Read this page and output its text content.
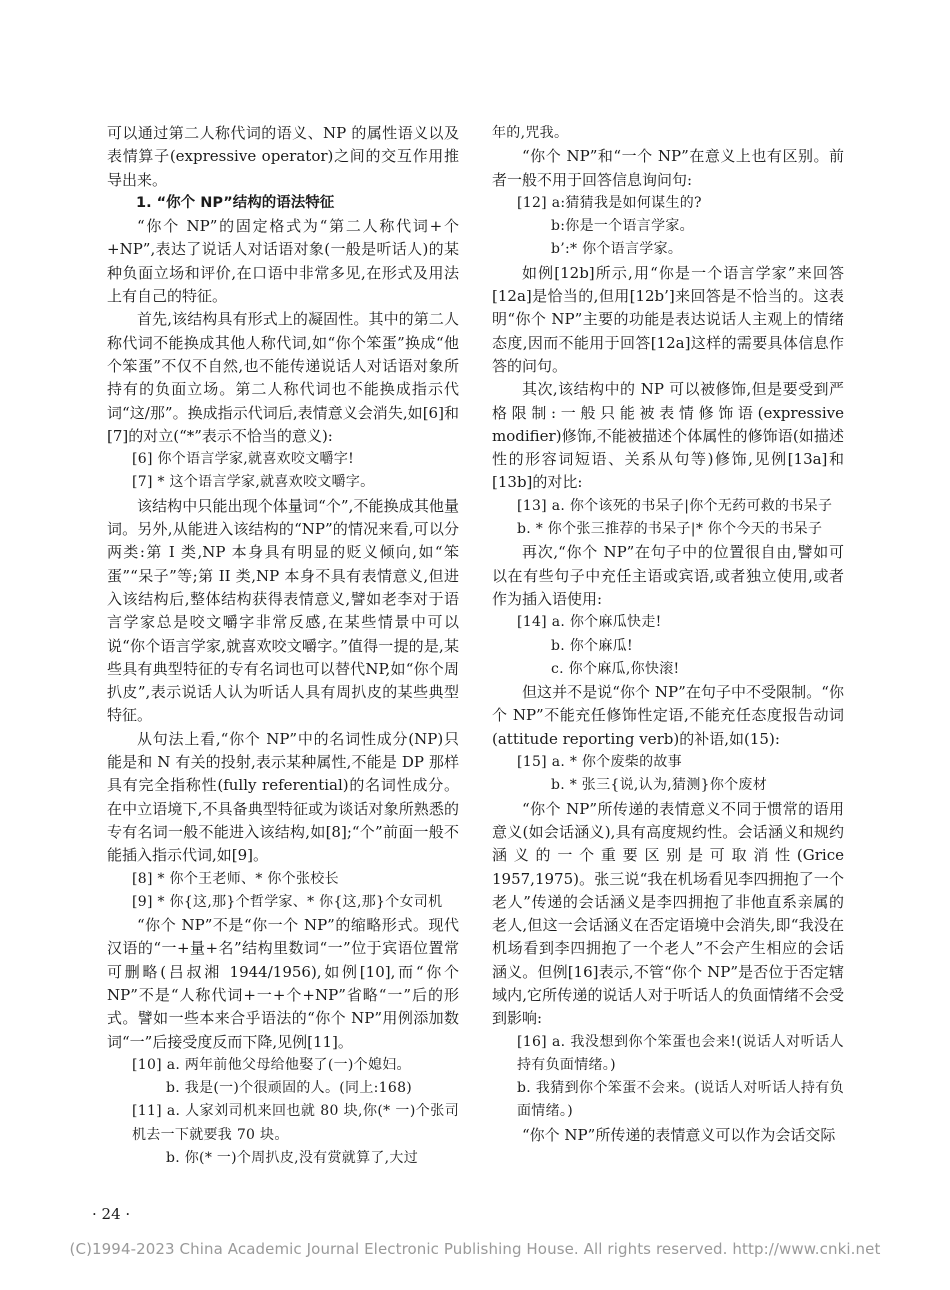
可以通过第二人称代词的语义、NP 的属性语义以及表情算子(expressive operator)之间的交互作用推导出来。

1. “你个 NP”结构的语法特征

“你个 NP”的固定格式为“第二人称代词+个+NP”,表达了说话人对话语对象(一般是听话人)的某种负面立场和评价,在口语中非常多见,在形式及用法上有自己的特征。

首先,该结构具有形式上的凝固性。其中的第二人称代词不能换成其他人称代词,如“你个笨蛋”换成“他个笨蛋”不仅不自然,也不能传递说话人对话语对象所持有的负面立场。第二人称代词也不能换成指示代词“这/那”。换成指示代词后,表情意义会消失,如[6]和[7]的对立(“*”表示不恰当的意义):

[6] 你个语言学家,就喜欢咬文嚼字!

[7] * 这个语言学家,就喜欢咬文嚼字。

该结构中只能出现个体量词“个”,不能换成其他量词。另外,从能进入该结构的“NP”的情况来看,可以分两类:第 I 类,NP 本身具有明显的贬义倾向,如“笨蛋”“呆子”等;第 II 类,NP 本身不具有表情意义,但进入该结构后,整体结构获得表情意义,譬如老李对于语言学家总是咬文嚼字非常反感,在某些情景中可以说“你个语言学家,就喜欢咬文嚼字。”值得一提的是,某些具有典型特征的专有名词也可以替代NP,如“你个周扒皮”,表示说话人认为听话人具有周扒皮的某些典型特征。

从句法上看,“你个 NP”中的名词性成分(NP)只能是和 N 有关的投射,表示某种属性,不能是 DP 那样具有完全指称性(fully referential)的名词性成分。在中立语境下,不具备典型特征或为谈话对象所熟悉的专有名词一般不能进入该结构,如[8];“个”前面一般不能插入指示代词,如[9]。

[8] * 你个王老师、* 你个张校长

[9] * 你{这,那}个哲学家、* 你{这,那}个女司机

“你个 NP”不是“你一个 NP”的缩略形式。现代汉语的“一+量+名”结构里数词“一”位于宾语位置常可删略(吕叔湘 1944/1956),如例[10],而“你个 NP”不是“人称代词+一+个+NP”省略“一”后的形式。譬如一些本来合乎语法的“你个 NP”用例添加数词“一”后接受度反而下降,见例[11]。

[10] a. 两年前他父母给他娶了(一)个媳妇。

b. 我是(一)个很顽固的人。(同上:168)

[11] a. 人家刘司机来回也就 80 块,你(* 一)个张司机去一下就要我 70 块。

b. 你(* 一)个周扒皮,没有赏就算了,大过

年的,咒我。

“你个 NP”和“一个 NP”在意义上也有区别。前者一般不用于回答信息询问句:

[12] a:猜猜我是如何谋生的?

b:你是一个语言学家。

b’:* 你个语言学家。

如例[12b]所示,用“你是一个语言学家”来回答[12a]是恰当的,但用[12b’]来回答是不恰当的。这表明“你个 NP”主要的功能是表达说话人主观上的情绪态度,因而不能用于回答[12a]这样的需要具体信息作答的问句。

其次,该结构中的 NP 可以被修饰,但是要受到严格限制:一般只能被表情修饰语(expressive modifier)修饰,不能被描述个体属性的修饰语(如描述性的形容词短语、关系从句等)修饰,见例[13a]和[13b]的对比:

[13] a. 你个该死的书呆子|你个无药可救的书呆子

b. * 你个张三推荐的书呆子|* 你个今天的书呆子

再次,“你个 NP”在句子中的位置很自由,譬如可以在有些句子中充任主语或宾语,或者独立使用,或者作为插入语使用:

[14] a. 你个麻瓜快走!

b. 你个麻瓜!

c. 你个麻瓜,你快滚!

但这并不是说“你个 NP”在句子中不受限制。“你个 NP”不能充任修饰性定语,不能充任态度报告动词(attitude reporting verb)的补语,如(15):

[15] a. * 你个废柴的故事

b. * 张三{说,认为,猜测}你个废材

“你个 NP”所传递的表情意义不同于惯常的语用意义(如会话涵义),具有高度规约性。会话涵义和规约涵义的一个重要区别是可取消性(Grice 1957,1975)。张三说“我在机场看见李四拥抱了一个老人”传递的会话涵义是李四拥抱了非他直系亲属的老人,但这一会话涵义在否定语境中会消失,即“我没在机场看到李四拥抱了一个老人”不会产生相应的会话涵义。但例[16]表示,不管“你个 NP”是否位于否定辖域内,它所传递的说话人对于听话人的负面情绪不会受到影响:

[16] a. 我没想到你个笨蛋也会来!(说话人对听话人持有负面情绪。)

b. 我猜到你个笨蛋不会来。(说话人对听话人持有负面情绪。)

“你个 NP”所传递的表情意义可以作为会话交际

· 24 ·
(C)1994-2023 China Academic Journal Electronic Publishing House. All rights reserved. http://www.cnki.net
